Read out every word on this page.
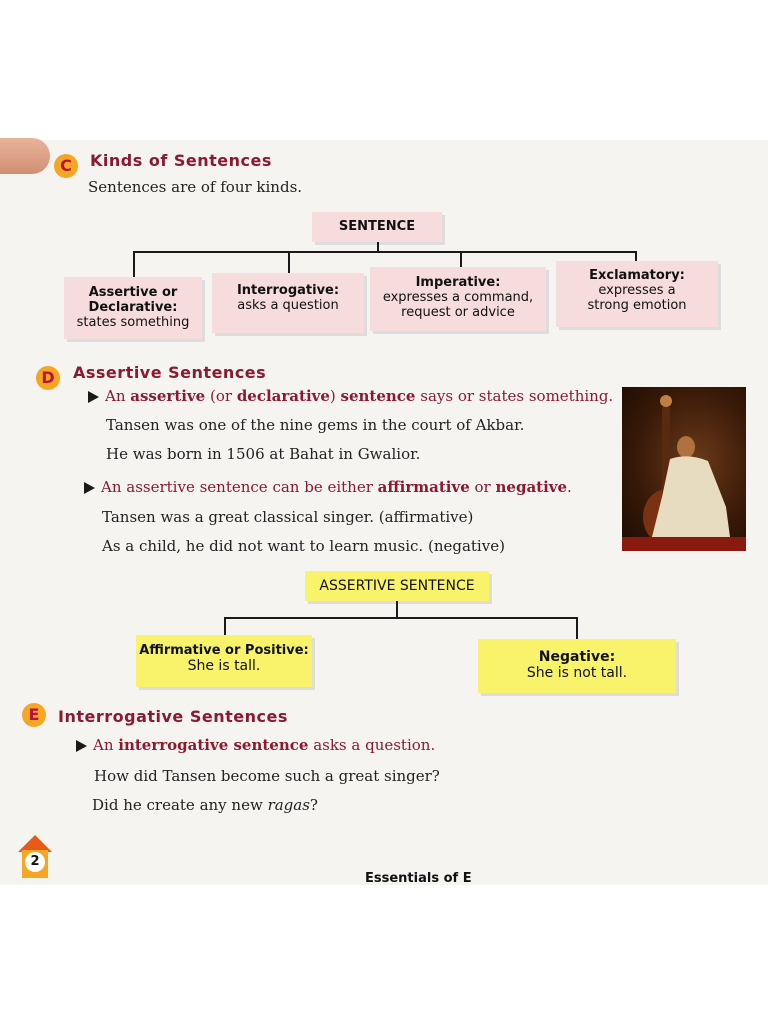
C	Kinds of Sentences
Sentences are of four kinds.
SENTENCE
Assertive or
Declarative:
states something
Interrogative:
asks a question
Imperative:
expresses a command,
request or advice
Exclamatory:
expresses a
strong emotion
D	Assertive Sentences
An assertive (or declarative) sentence says or states something.
Tansen was one of the nine gems in the court of Akbar.
He was born in 1506 at Bahat in Gwalior.
An assertive sentence can be either affirmative or negative.
Tansen was a great classical singer. (affirmative)
As a child, he did not want to learn music. (negative)
ASSERTIVE SENTENCE
Affirmative or Positive:
She is tall.
Negative:
She is not tall.
E	Interrogative Sentences
An interrogative sentence asks a question.
How did Tansen become such a great singer?
Did he create any new ragas?
2
Essentials of E
